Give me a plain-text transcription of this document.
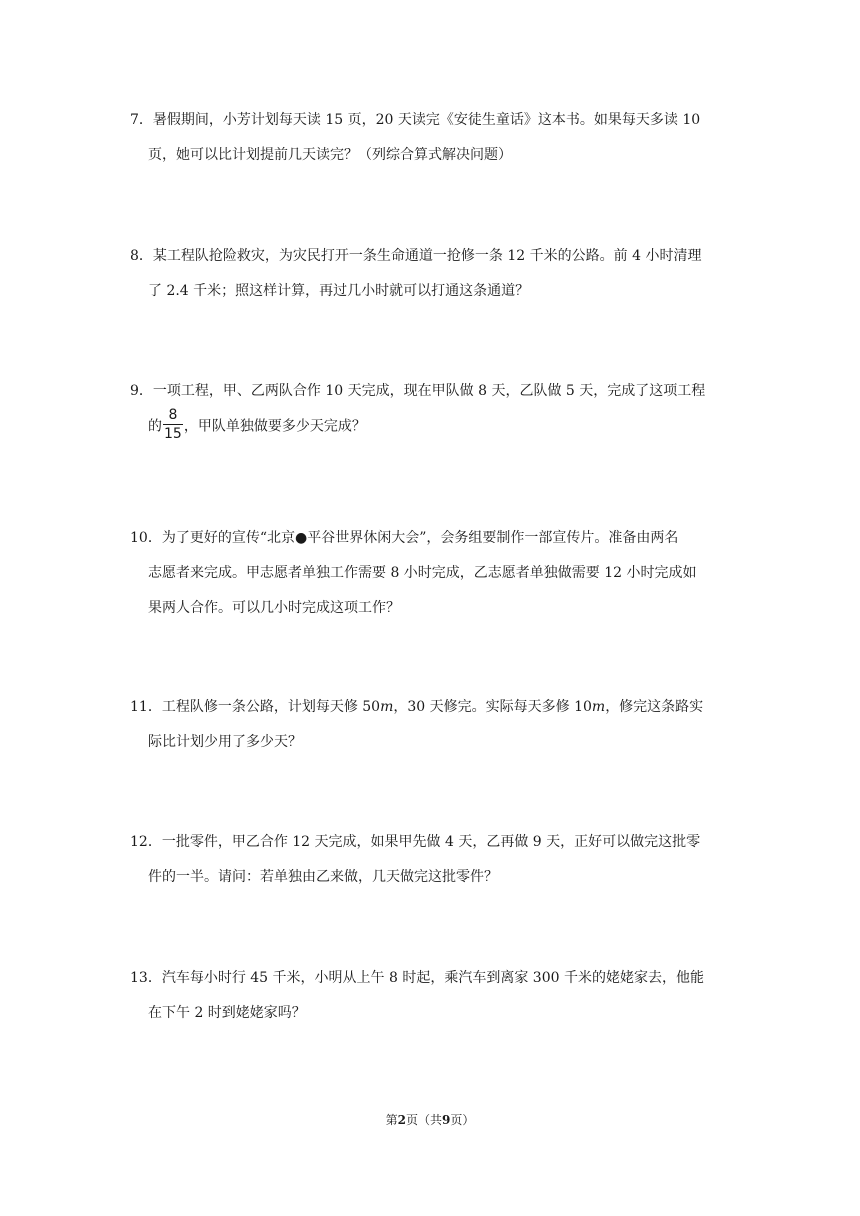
7．暑假期间，小芳计划每天读 15 页，20 天读完《安徒生童话》这本书。如果每天多读 10
页，她可以比计划提前几天读完？（列综合算式解决问题）
8．某工程队抢险救灾，为灾民打开一条生命通道一抢修一条 12 千米的公路。前 4 小时清理
了 2.4 千米；照这样计算，再过几小时就可以打通这条通道？
9．一项工程，甲、乙两队合作 10 天完成，现在甲队做 8 天，乙队做 5 天，完成了这项工程
的 $\frac{8}{15}$ ，甲队单独做要多少天完成？
10．为了更好的宣传“北京●平谷世界休闲大会”，会务组要制作一部宣传片。准备由两名
志愿者来完成。甲志愿者单独工作需要 8 小时完成，乙志愿者单独做需要 12 小时完成如
果两人合作。可以几小时完成这项工作？
11．工程队修一条公路，计划每天修 50m，30 天修完。实际每天多修 10m，修完这条路实
际比计划少用了多少天？
12．一批零件，甲乙合作 12 天完成，如果甲先做 4 天，乙再做 9 天，正好可以做完这批零
件的一半。请问：若单独由乙来做，几天做完这批零件？
13．汽车每小时行 45 千米，小明从上午 8 时起，乘汽车到离家 300 千米的姥姥家去，他能
在下午 2 时到姥姥家吗？
第2页（共9页）
